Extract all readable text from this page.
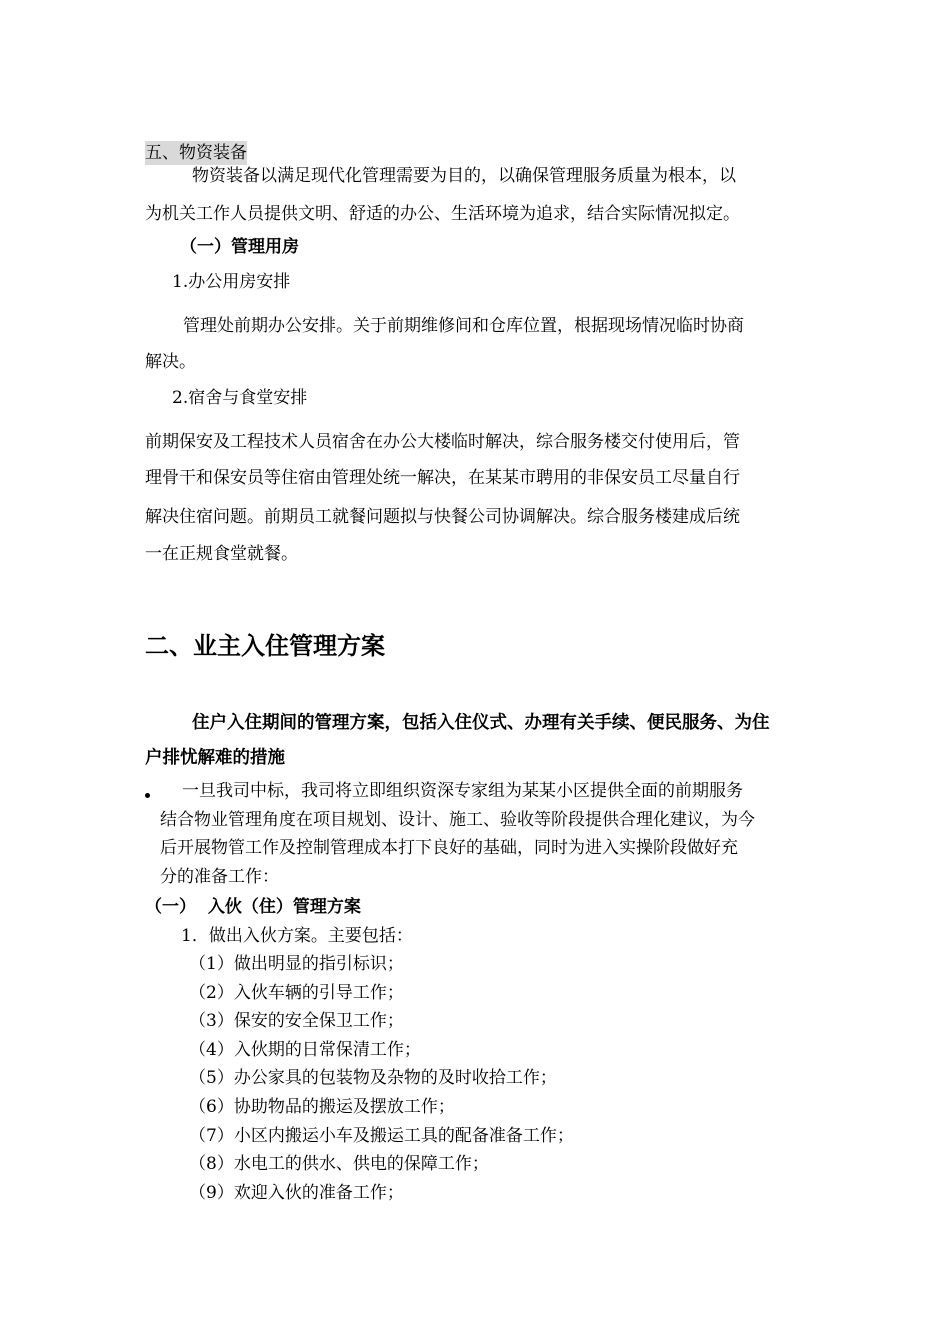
五、物资装备
物资装备以满足现代化管理需要为目的，以确保管理服务质量为根本，以
为机关工作人员提供文明、舒适的办公、生活环境为追求，结合实际情况拟定。
（一）管理用房
1.办公用房安排
管理处前期办公安排。关于前期维修间和仓库位置，根据现场情况临时协商
解决。
2.宿舍与食堂安排
前期保安及工程技术人员宿舍在办公大楼临时解决，综合服务楼交付使用后，管
理骨干和保安员等住宿由管理处统一解决，在某某市聘用的非保安员工尽量自行
解决住宿问题。前期员工就餐问题拟与快餐公司协调解决。综合服务楼建成后统
一在正规食堂就餐。
二、业主入住管理方案
住户入住期间的管理方案，包括入住仪式、办理有关手续、便民服务、为住
户排忧解难的措施
一旦我司中标，我司将立即组织资深专家组为某某小区提供全面的前期服务
结合物业管理角度在项目规划、设计、施工、验收等阶段提供合理化建议，为今
后开展物管工作及控制管理成本打下良好的基础，同时为进入实操阶段做好充
分的准备工作：
（一）  入伙（住）管理方案
1．做出入伙方案。主要包括：
（1）做出明显的指引标识；
（2）入伙车辆的引导工作；
（3）保安的安全保卫工作；
（4）入伙期的日常保清工作；
（5）办公家具的包装物及杂物的及时收拾工作；
（6）协助物品的搬运及摆放工作；
（7）小区内搬运小车及搬运工具的配备准备工作；
（8）水电工的供水、供电的保障工作；
（9）欢迎入伙的准备工作；
